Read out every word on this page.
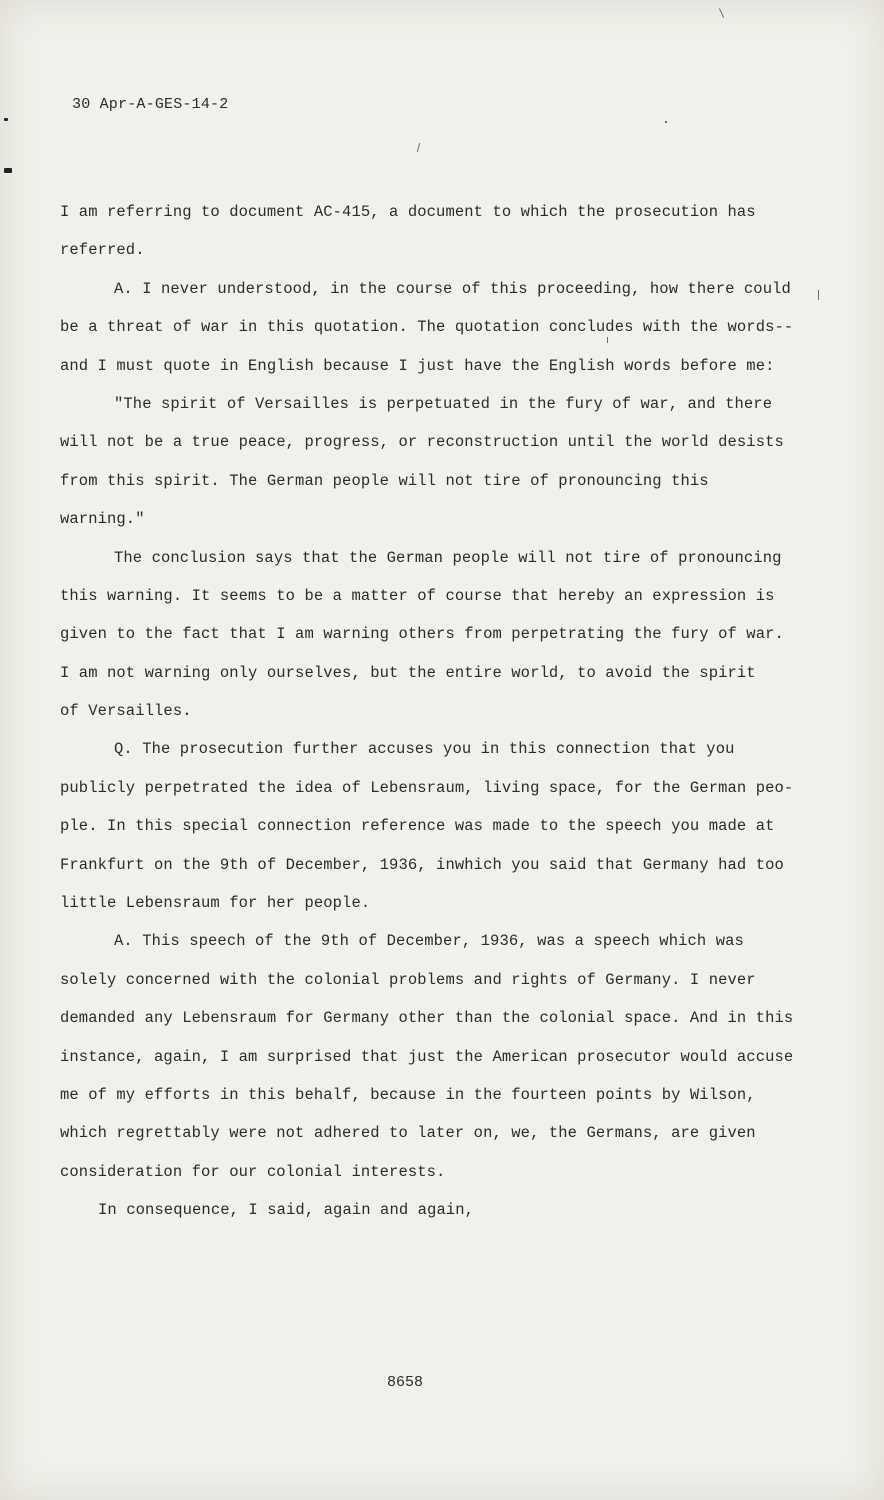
30 Apr-A-GES-14-2
I am referring to document AC-415, a document to which the prosecution has
referred.
A. I never understood, in the course of this proceeding, how there could
be a threat of war in this quotation. The quotation concludes with the words--
and I must quote in English because I just have the English words before me:
"The spirit of Versailles is perpetuated in the fury of war, and there
will not be a true peace, progress, or reconstruction until the world desists
from this spirit. The German people will not tire of pronouncing this
warning."
The conclusion says that the German people will not tire of pronouncing
this warning. It seems to be a matter of course that hereby an expression is
given to the fact that I am warning others from perpetrating the fury of war.
I am not warning only ourselves, but the entire world, to avoid the spirit
of Versailles.
Q. The prosecution further accuses you in this connection that you
publicly perpetrated the idea of Lebensraum, living space, for the German peo-
ple. In this special connection reference was made to the speech you made at
Frankfurt on the 9th of December, 1936, inwhich you said that Germany had too
little Lebensraum for her people.
A. This speech of the 9th of December, 1936, was a speech which was
solely concerned with the colonial problems and rights of Germany. I never
demanded any Lebensraum for Germany other than the colonial space. And in this
instance, again, I am surprised that just the American prosecutor would accuse
me of my efforts in this behalf, because in the fourteen points by Wilson,
which regrettably were not adhered to later on, we, the Germans, are given
consideration for our colonial interests.
In consequence, I said, again and again,
8658
